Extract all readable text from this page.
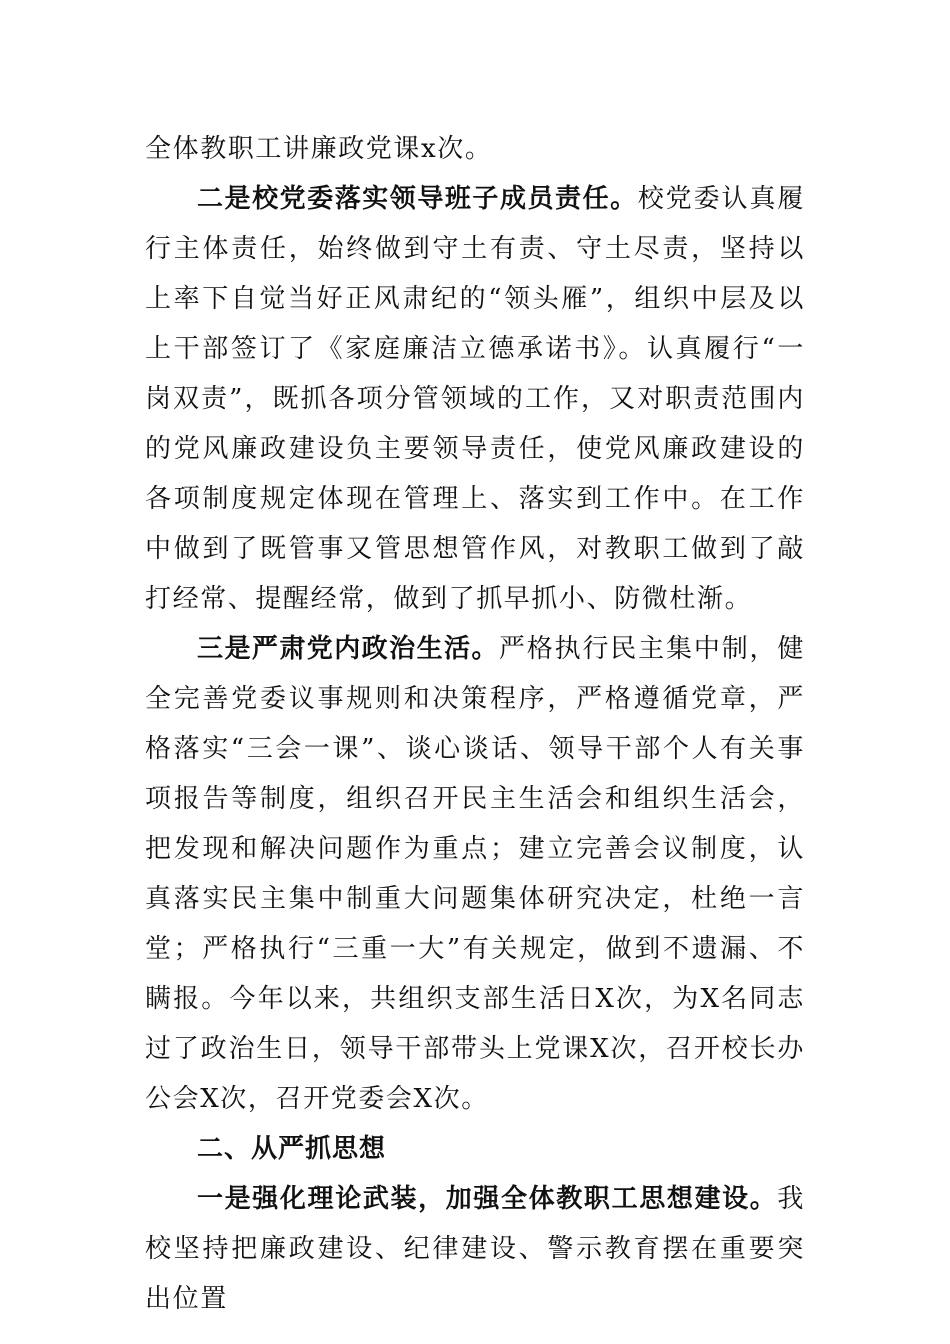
全体教职工讲廉政党课x次。

二是校党委落实领导班子成员责任。校党委认真履行主体责任，始终做到守土有责、守土尽责，坚持以上率下自觉当好正风肃纪的“领头雁”，组织中层及以上干部签订了《家庭廉洁立德承诺书》。认真履行“一岗双责”，既抓各项分管领域的工作，又对职责范围内的党风廉政建设负主要领导责任，使党风廉政建设的各项制度规定体现在管理上、落实到工作中。在工作中做到了既管事又管思想管作风，对教职工做到了敲打经常、提醒经常，做到了抓早抓小、防微杜渐。

三是严肃党内政治生活。严格执行民主集中制，健全完善党委议事规则和决策程序，严格遵循党章，严格落实“三会一课”、谈心谈话、领导干部个人有关事项报告等制度，组织召开民主生活会和组织生活会，把发现和解决问题作为重点；建立完善会议制度，认真落实民主集中制重大问题集体研究决定，杜绝一言堂；严格执行“三重一大”有关规定，做到不遗漏、不瞒报。今年以来，共组织支部生活日X次，为X名同志过了政治生日，领导干部带头上党课X次，召开校长办公会X次，召开党委会X次。

二、从严抓思想

一是强化理论武装，加强全体教职工思想建设。我校坚持把廉政建设、纪律建设、警示教育摆在重要突出位置
